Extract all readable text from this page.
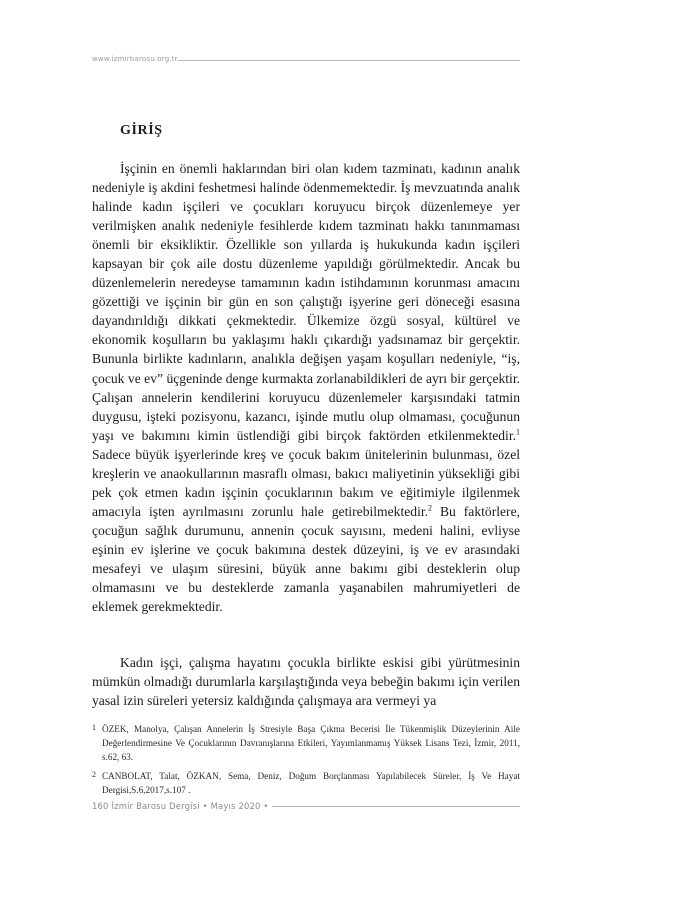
www.izmirbarosu.org.tr
GİRİŞ

İşçinin en önemli haklarından biri olan kıdem tazminatı, kadının analık nedeniyle iş akdini feshetmesi halinde ödenmemektedir. İş mevzuatında analık halinde kadın işçileri ve çocukları koruyucu birçok düzenlemeye yer verilmişken analık nedeniyle fesihlerde kıdem tazminatı hakkı tanınmaması önemli bir eksikliktir. Özellikle son yıllarda iş hukukunda kadın işçileri kapsayan bir çok aile dostu düzenleme yapıldığı görülmektedir. Ancak bu düzenlemelerin neredeyse tamamının kadın istihdamının korunması amacını gözettiği ve işçinin bir gün en son çalıştığı işyerine geri döneceği esasına dayandırıldığı dikkati çekmektedir. Ülkemize özgü sosyal, kültürel ve ekonomik koşulların bu yaklaşımı haklı çıkardığı yadsınamaz bir gerçektir. Bununla birlikte kadınların, analıkla değişen yaşam koşulları nedeniyle, “iş, çocuk ve ev” üçgeninde denge kurmakta zorlanabildikleri de ayrı bir gerçektir. Çalışan annelerin kendilerini koruyucu düzenlemeler karşısındaki tatmin duygusu, işteki pozisyonu, kazancı, işinde mutlu olup olmaması, çocuğunun yaşı ve bakımını kimin üstlendiği gibi birçok faktörden etkilenmektedir.$^1$ Sadece büyük işyerlerinde kreş ve çocuk bakım ünitelerinin bulunması, özel kreşlerin ve anaokullarının masraflı olması, bakıcı maliyetinin yüksekliği gibi pek çok etmen kadın işçinin çocuklarının bakım ve eğitimiyle ilgilenmek amacıyla işten ayrılmasını zorunlu hale getirebilmektedir.$^2$ Bu faktörlere, çocuğun sağlık durumunu, annenin çocuk sayısını, medeni halini, evliyse eşinin ev işlerine ve çocuk bakımına destek düzeyini, iş ve ev arasındaki mesafeyi ve ulaşım süresini, büyük anne bakımı gibi desteklerin olup olmamasını ve bu desteklerde zamanla yaşanabilen mahrumiyetleri de eklemek gerekmektedir.

Kadın işçi, çalışma hayatını çocukla birlikte eskisi gibi yürütmesinin mümkün olmadığı durumlarla karşılaştığında veya bebeğin bakımı için verilen yasal izin süreleri yetersiz kaldığında çalışmaya ara vermeyi ya

1 ÖZEK, Manolya, Çalışan Annelerin İş Stresiyle Başa Çıkma Becerisi İle Tükenmişlik Düzeylerinin Aile Değerlendirmesine Ve Çocuklarının Davranışlarına Etkileri, Yayımlanmamış Yüksek Lisans Tezi, İzmir, 2011, s.62, 63.
2 CANBOLAT, Talat, ÖZKAN, Sema, Deniz, Doğum Borçlanması Yapılabilecek Süreler, İş Ve Hayat Dergisi,S.6,2017,s.107 .
160 İzmir Barosu Dergisi • Mayıs 2020 •
